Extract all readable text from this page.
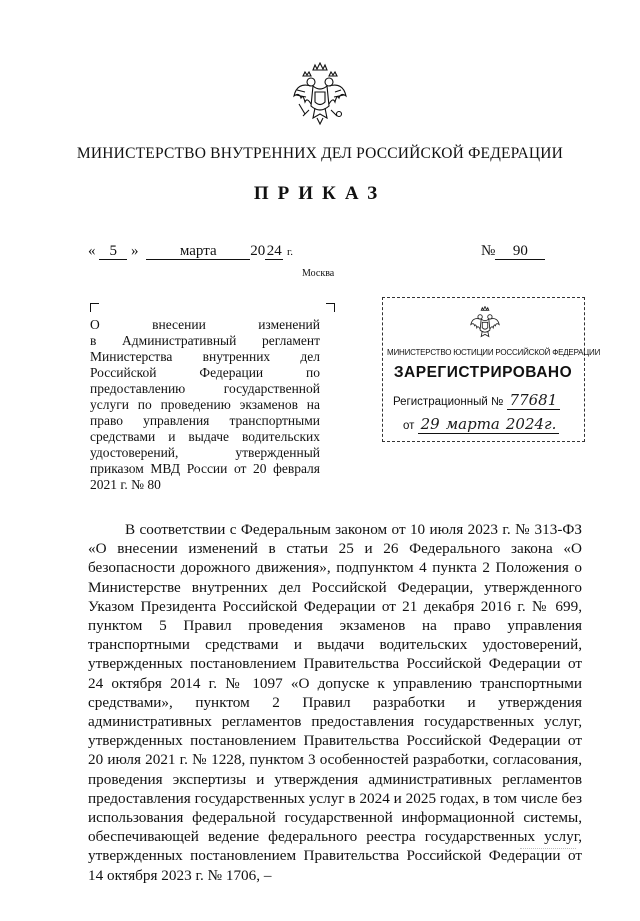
МИНИСТЕРСТВО ВНУТРЕННИХ ДЕЛ РОССИЙСКОЙ ФЕДЕРАЦИИ
ПРИКАЗ
« 5 »	марта 20 24 г.	№ 90
Москва
О внесении изменений
в Административный регламент
Министерства внутренних дел
Российской Федерации по
предоставлению государственной
услуги по проведению экзаменов на
право управления транспортными
средствами и выдаче водительских
удостоверений, утвержденный
приказом МВД России от 20 февраля
2021 г. № 80
МИНИСТЕРСТВО ЮСТИЦИИ РОССИЙСКОЙ ФЕДЕРАЦИИ
ЗАРЕГИСТРИРОВАНО
Регистрационный № 77681
от 29 марта 2024г.

В соответствии с Федеральным законом от 10 июля 2023 г. № 313-ФЗ «О внесении изменений в статьи 25 и 26 Федерального закона «О безопасности дорожного движения», подпунктом 4 пункта 2 Положения о Министерстве внутренних дел Российской Федерации, утвержденного Указом Президента Российской Федерации от 21 декабря 2016 г. № 699, пунктом 5 Правил проведения экзаменов на право управления транспортными средствами и выдачи водительских удостоверений, утвержденных постановлением Правительства Российской Федерации от 24 октября 2014 г. № 1097 «О допуске к управлению транспортными средствами», пунктом 2 Правил разработки и утверждения административных регламентов предоставления государственных услуг, утвержденных постановлением Правительства Российской Федерации от 20 июля 2021 г. № 1228, пунктом 3 особенностей разработки, согласования, проведения экспертизы и утверждения административных регламентов предоставления государственных услуг в 2024 и 2025 годах, в том числе без использования федеральной государственной информационной системы, обеспечивающей ведение федерального реестра государственных услуг, утвержденных постановлением Правительства Российской Федерации от 14 октября 2023 г. № 1706, –
